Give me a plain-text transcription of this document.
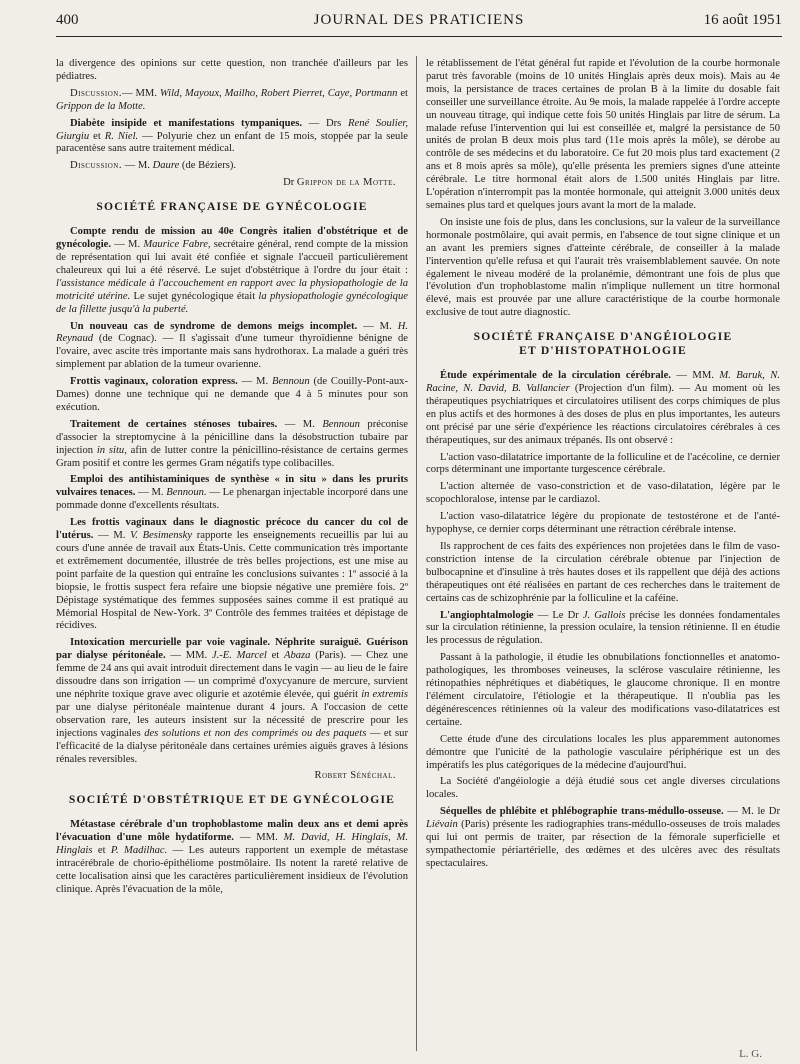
400	JOURNAL DES PRATICIENS	16 août 1951

la divergence des opinions sur cette question, non tranchée d'ailleurs par les pédiatres.

Discussion.— MM. Wild, Mayoux, Mailho, Robert Pierret, Caye, Portmann et Grippon de la Motte.

Diabète insipide et manifestations tympaniques. — Drs René Soulier, Giurgiu et R. Niel. — Polyurie chez un enfant de 15 mois, stoppée par la seule paracentèse sans autre traitement médical.

Discussion. — M. Daure (de Béziers).

Dr Grippon de la Motte.
SOCIÉTÉ FRANÇAISE DE GYNÉCOLOGIE

Compte rendu de mission au 40e Congrès italien d'obstétrique et de gynécologie. — M. Maurice Fabre, secrétaire général, rend compte de la mission de représentation qui lui avait été confiée et signale l'accueil particulièrement chaleureux qui lui a été réservé. Le sujet d'obstétrique à l'ordre du jour était : l'assistance médicale à l'accouchement en rapport avec la physiopathologie de la motricité utérine. Le sujet gynécologique était la physiopathologie gynécologique de la fillette jusqu'à la puberté.

Un nouveau cas de syndrome de demons meigs incomplet. — M. H. Reynaud (de Cognac). — Il s'agissait d'une tumeur thyroïdienne bénigne de l'ovaire, avec ascite très importante mais sans hydrothorax. La malade a guéri très simplement par ablation de la tumeur ovarienne.

Frottis vaginaux, coloration express. — M. Bennoun (de Couilly-Pont-aux-Dames) donne une technique qui ne demande que 4 à 5 minutes pour son exécution.

Traitement de certaines sténoses tubaires. — M. Bennoun préconise d'associer la streptomycine à la pénicilline dans la désobstruction tubaire par injection in situ, afin de lutter contre la pénicillino-résistance de certains germes Gram positif et contre les germes Gram négatifs type colibacilles.

Emploi des antihistaminiques de synthèse « in situ » dans les prurits vulvaires tenaces. — M. Bennoun. — Le phenargan injectable incorporé dans une pommade donne d'excellents résultats.

Les frottis vaginaux dans le diagnostic précoce du cancer du col de l'utérus. — M. V. Besimensky rapporte les enseignements recueillis par lui au cours d'une année de travail aux États-Unis. Cette communication très importante et extrêmement documentée, illustrée de très belles projections, est une mise au point parfaite de la question qui entraîne les conclusions suivantes : 1º associé à la biopsie, le frottis suspect fera refaire une biopsie négative une première fois. 2º Dépistage systématique des femmes supposées saines comme il est pratiqué au Mémorial Hospital de New-York. 3º Contrôle des femmes traitées et dépistage de récidives.

Intoxication mercurielle par voie vaginale. Néphrite suraiguë. Guérison par dialyse péritonéale. — MM. J.-E. Marcel et Abaza (Paris). — Chez une femme de 24 ans qui avait introduit directement dans le vagin — au lieu de le faire dissoudre dans son irrigation — un comprimé d'oxycyanure de mercure, survient une néphrite toxique grave avec oligurie et azotémie élevée, qui guérit in extremis par une dialyse péritonéale maintenue durant 4 jours. A l'occasion de cette observation rare, les auteurs insistent sur la nécessité de prescrire pour les injections vaginales des solutions et non des comprimés ou des paquets — et sur l'efficacité de la dialyse péritonéale dans certaines urémies aiguës graves à lésions rénales reversibles.

Robert Sénéchal.
SOCIÉTÉ D'OBSTÉTRIQUE ET DE GYNÉCOLOGIE

Métastase cérébrale d'un trophoblastome malin deux ans et demi après l'évacuation d'une môle hydatiforme. — MM. M. David, H. Hinglais, M. Hinglais et P. Madilhac. — Les auteurs rapportent un exemple de métastase intracérébrale de chorio-épithéliome postmôlaire. Ils notent la rareté relative de cette localisation ainsi que les caractères particulièrement insidieux de l'évolution clinique. Après l'évacuation de la môle,

le rétablissement de l'état général fut rapide et l'évolution de la courbe hormonale parut très favorable (moins de 10 unités Hinglais après deux mois). Mais au 4e mois, la persistance de traces certaines de prolan B à la limite du dosable fait conseiller une surveillance étroite. Au 9e mois, la malade rappelée à l'ordre accepte un nouveau titrage, qui indique cette fois 50 unités Hinglais par litre de sérum. La malade refuse l'intervention qui lui est conseillée et, malgré la persistance de 50 unités de prolan B deux mois plus tard (11e mois après la môle), se dérobe au contrôle de ses médecins et du laboratoire. Ce fut 20 mois plus tard exactement (2 ans et 8 mois après sa môle), qu'elle présenta les premiers signes d'une atteinte cérébrale. Le titre hormonal était alors de 1.500 unités Hinglais par litre. L'opération n'interrompit pas la montée hormonale, qui atteignit 3.000 unités deux semaines plus tard et quelques jours avant la mort de la malade.

On insiste une fois de plus, dans les conclusions, sur la valeur de la surveillance hormonale postmôlaire, qui avait permis, en l'absence de tout signe clinique et un an avant les premiers signes d'atteinte cérébrale, de conseiller à la malade l'intervention qu'elle refusa et qui l'aurait très vraisemblablement sauvée. On note également le niveau modéré de la prolanémie, démontrant une fois de plus que l'évolution d'un trophoblastome malin n'implique nullement un titre hormonal élevé, mais est prouvée par une allure caractéristique de la courbe hormonale exclusive de tout autre diagnostic.

SOCIÉTÉ FRANÇAISE D'ANGÉIOLOGIE
ET D'HISTOPATHOLOGIE

Étude expérimentale de la circulation cérébrale. — MM. M. Baruk, N. Racine, N. David, B. Vallancier (Projection d'un film). — Au moment où les thérapeutiques psychiatriques et circulatoires utilisent des corps chimiques de plus en plus actifs et des hormones à des doses de plus en plus importantes, les auteurs ont précisé par une série d'expérience les réactions circulatoires cérébrales à ces thérapeutiques, sur des animaux trépanés. Ils ont observé :

L'action vaso-dilatatrice importante de la folliculine et de l'acécoline, ce dernier corps déterminant une importante turgescence cérébrale.

L'action alternée de vaso-constriction et de vaso-dilatation, légère par le scopochloralose, intense par le cardiazol.

L'action vaso-dilatatrice légère du propionate de testostérone et de l'anté-hypophyse, ce dernier corps déterminant une rétraction cérébrale intense.

Ils rapprochent de ces faits des expériences non projetées dans le film de vaso-constriction intense de la circulation cérébrale obtenue par l'injection de bulbocapnine et d'insuline à très hautes doses et ils rappellent que déjà des actions thérapeutiques ont été réalisées en partant de ces recherches dans le traitement de certains cas de schizophrénie par la folliculine et la caféine.

L'angiophtalmologie — Le Dr J. Gallois précise les données fondamentales sur la circulation rétinienne, la pression oculaire, la tension rétinienne. Il en étudie les processus de régulation.

Passant à la pathologie, il étudie les obnubilations fonctionnelles et anatomo-pathologiques, les thromboses veineuses, la sclérose vasculaire rétinienne, les rétinopathies néphrétiques et diabétiques, le glaucome chronique. Il en montre l'élément circulatoire, l'étiologie et la thérapeutique. Il n'oublia pas les dégénérescences rétiniennes où la valeur des modifications vaso-dilatatrices est certaine.

Cette étude d'une des circulations locales les plus apparemment autonomes démontre que l'unicité de la pathologie vasculaire périphérique est un des impératifs les plus catégoriques de la médecine d'aujourd'hui.

La Société d'angéiologie a déjà étudié sous cet angle diverses circulations locales.

Séquelles de phlébite et phlébographie trans-médullo-osseuse. — M. le Dr Liévain (Paris) présente les radiographies trans-médullo-osseuses de trois malades qui lui ont permis de traiter, par résection de la fémorale superficielle et sympathectomie périartérielle, des œdèmes et des ulcères avec des résultats spectaculaires.

L. G.
